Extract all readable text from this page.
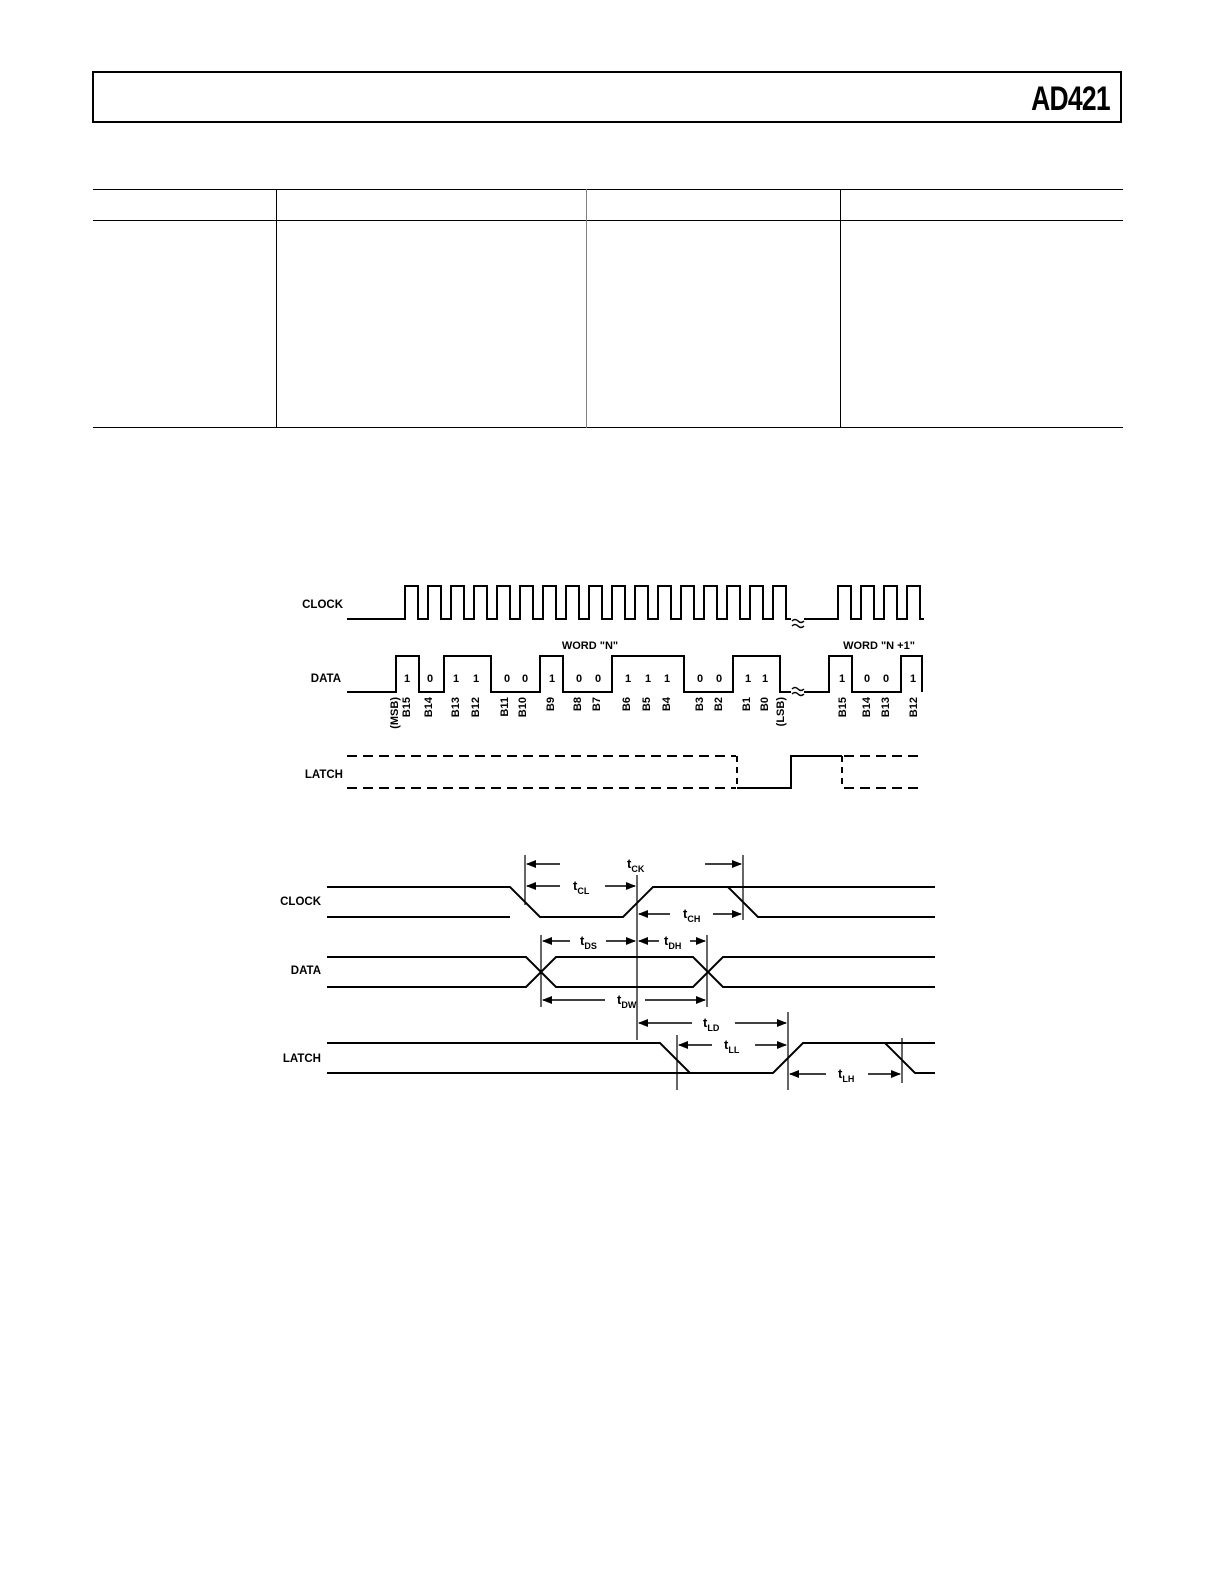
AD421
CLOCK
DATA
LATCH
WORD "N"	WORD "N +1"
1 0 1 1 0 0 1 0 0 1 1 1 0 0 1 1	1 0 0 1
B15 B14 B13 B12 B11 B10 B9 B8 B7 B6 B5 B4 B3 B2 B1 B0	B15 B14 B13 B12
(MSB)	(LSB)
CLOCK
DATA
LATCH
$t_{CK}$
$t_{CL}$
$t_{CH}$
$t_{DS}$	$t_{DH}$
$t_{DW}$
$t_{LD}$
$t_{LL}$
$t_{LH}$
